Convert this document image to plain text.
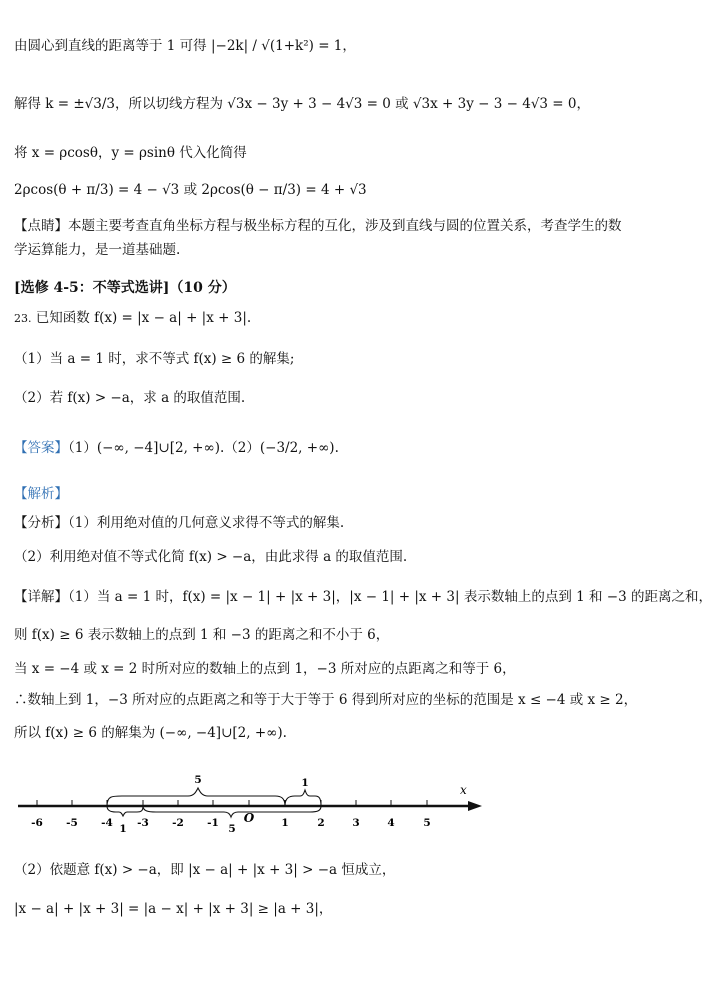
由圆心到直线的距离等于 1 可得 |−2k| / √(1+k²) = 1，
解得 k = ±√3/3，所以切线方程为 √3x − 3y + 3 − 4√3 = 0 或 √3x + 3y − 3 − 4√3 = 0，
将 x = ρcosθ，y = ρsinθ 代入化简得
2ρcos(θ + π/3) = 4 − √3 或 2ρcos(θ − π/3) = 4 + √3
【点睛】本题主要考查直角坐标方程与极坐标方程的互化，涉及到直线与圆的位置关系，考查学生的数学运算能力，是一道基础题.
[选修 4-5：不等式选讲]（10 分）
23. 已知函数 f(x) = |x − a| + |x + 3|.
（1）当 a = 1 时，求不等式 f(x) ≥ 6 的解集;
（2）若 f(x) > −a，求 a 的取值范围.
【答案】（1）(−∞, −4]∪[2, +∞).（2）(−3/2, +∞).
【解析】
【分析】（1）利用绝对值的几何意义求得不等式的解集.
（2）利用绝对值不等式化简 f(x) > −a，由此求得 a 的取值范围.
【详解】（1）当 a = 1 时，f(x) = |x − 1| + |x + 3|，|x − 1| + |x + 3| 表示数轴上的点到 1 和 −3 的距离之和，
则 f(x) ≥ 6 表示数轴上的点到 1 和 −3 的距离之和不小于 6，
当 x = −4 或 x = 2 时所对应的数轴上的点到 1，−3 所对应的点距离之和等于 6，
∴数轴上到 1，−3 所对应的点距离之和等于大于等于 6 得到所对应的坐标的范围是 x ≤ −4 或 x ≥ 2，
所以 f(x) ≥ 6 的解集为 (−∞, −4]∪[2, +∞).
x
-6 -5 -4 -3 -2 -1	1	2	3	4	5
O
5	1
1	5
（2）依题意 f(x) > −a，即 |x − a| + |x + 3| > −a 恒成立，
|x − a| + |x + 3| = |a − x| + |x + 3| ≥ |a + 3|，
